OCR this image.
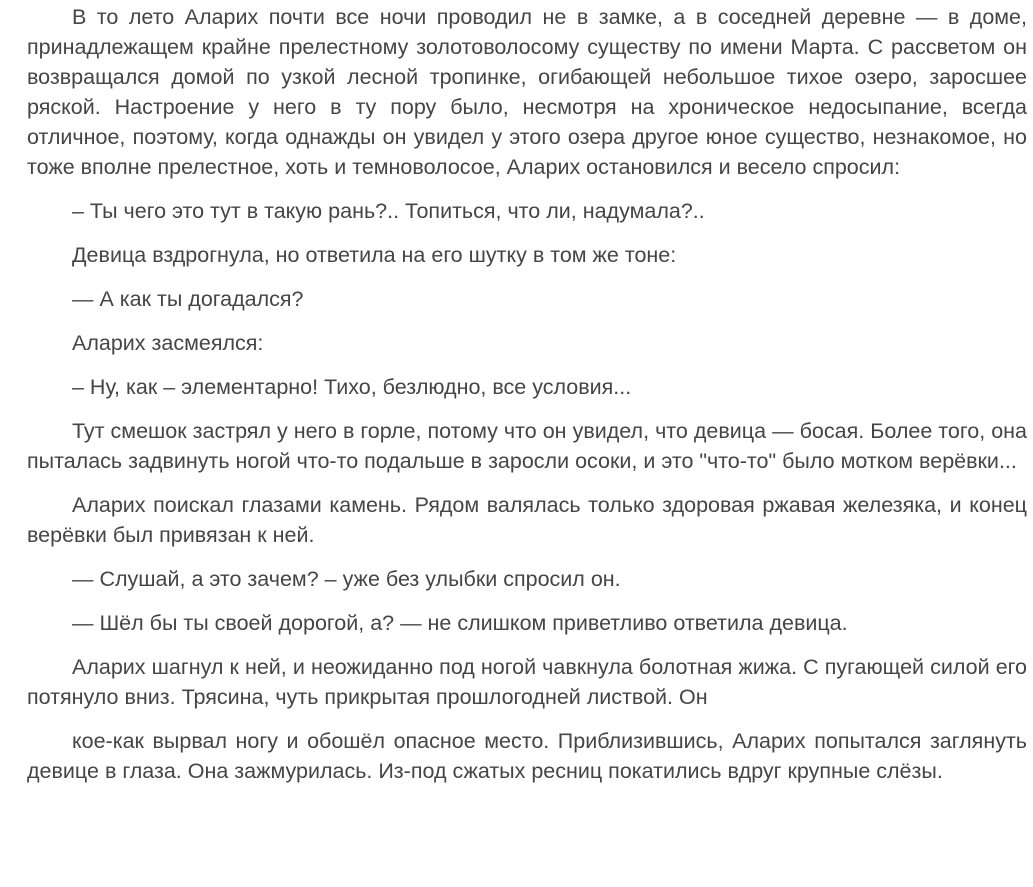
В то лето Аларих почти все ночи проводил не в замке, а в соседней деревне — в доме, принадлежащем крайне прелестному золотоволосому существу по имени Марта. С рассветом он возвращался домой по узкой лесной тропинке, огибающей небольшое тихое озеро, заросшее ряской. Настроение у него в ту пору было, несмотря на хроническое недосыпание, всегда отличное, поэтому, когда однажды он увидел у этого озера другое юное существо, незнакомое, но тоже вполне прелестное, хоть и темноволосое, Аларих остановился и весело спросил:

– Ты чего это тут в такую рань?.. Топиться, что ли, надумала?..

Девица вздрогнула, но ответила на его шутку в том же тоне:

— А как ты догадался?

Аларих засмеялся:

– Ну, как – элементарно! Тихо, безлюдно, все условия...

Тут смешок застрял у него в горле, потому что он увидел, что девица — босая. Более того, она пыталась задвинуть ногой что-то подальше в заросли осоки, и это "что-то" было мотком верёвки...

Аларих поискал глазами камень. Рядом валялась только здоровая ржавая железяка, и конец верёвки был привязан к ней.

— Слушай, а это зачем? – уже без улыбки спросил он.

— Шёл бы ты своей дорогой, а? — не слишком приветливо ответила девица.

Аларих шагнул к ней, и неожиданно под ногой чавкнула болотная жижа. С пугающей силой его потянуло вниз. Трясина, чуть прикрытая прошлогодней листвой. Он

кое-как вырвал ногу и обошёл опасное место. Приблизившись, Аларих попытался заглянуть девице в глаза. Она зажмурилась. Из-под сжатых ресниц покатились вдруг крупные слёзы.
